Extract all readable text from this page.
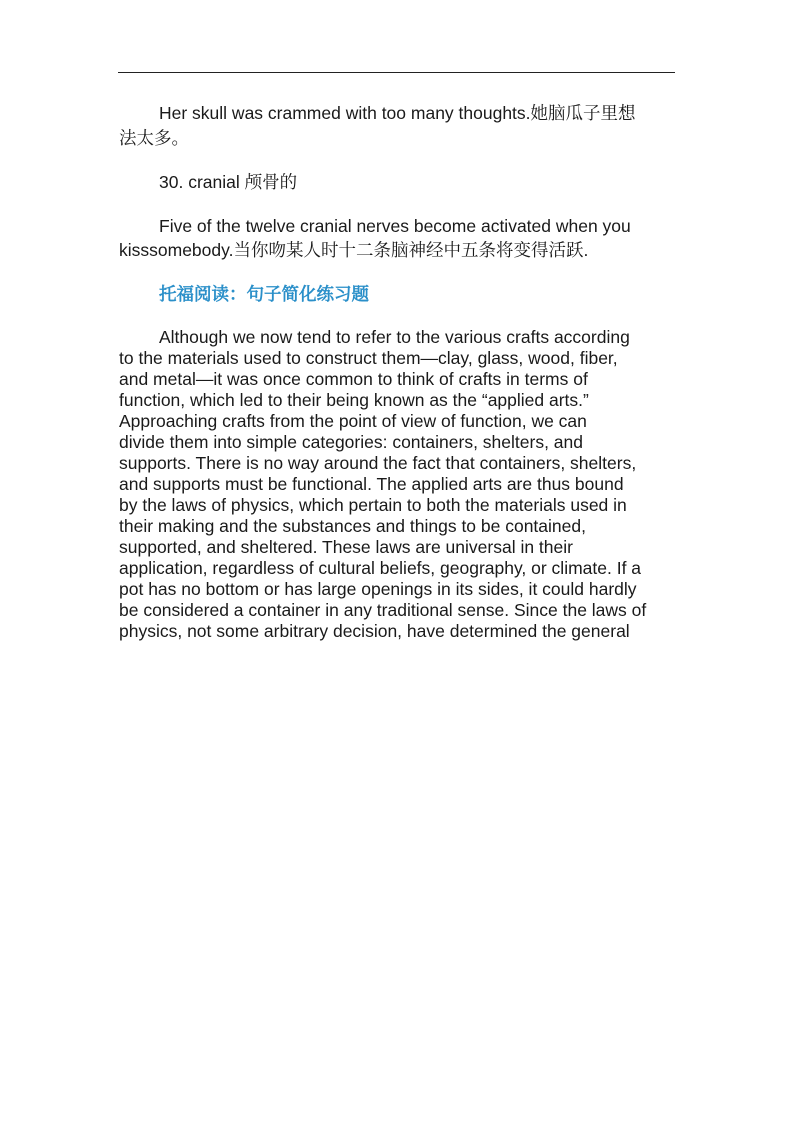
Her skull was crammed with too many thoughts.她脑瓜子里想
法太多。

30. cranial 颅骨的

Five of the twelve cranial nerves become activated when you
kisssomebody.当你吻某人时十二条脑神经中五条将变得活跃.

托福阅读：句子简化练习题

Although we now tend to refer to the various crafts according
to the materials used to construct them—clay, glass, wood, fiber,
and metal—it was once common to think of crafts in terms of
function, which led to their being known as the “applied arts.”
Approaching crafts from the point of view of function, we can
divide them into simple categories: containers, shelters, and
supports. There is no way around the fact that containers, shelters,
and supports must be functional. The applied arts are thus bound
by the laws of physics, which pertain to both the materials used in
their making and the substances and things to be contained,
supported, and sheltered. These laws are universal in their
application, regardless of cultural beliefs, geography, or climate. If a
pot has no bottom or has large openings in its sides, it could hardly
be considered a container in any traditional sense. Since the laws of
physics, not some arbitrary decision, have determined the general
